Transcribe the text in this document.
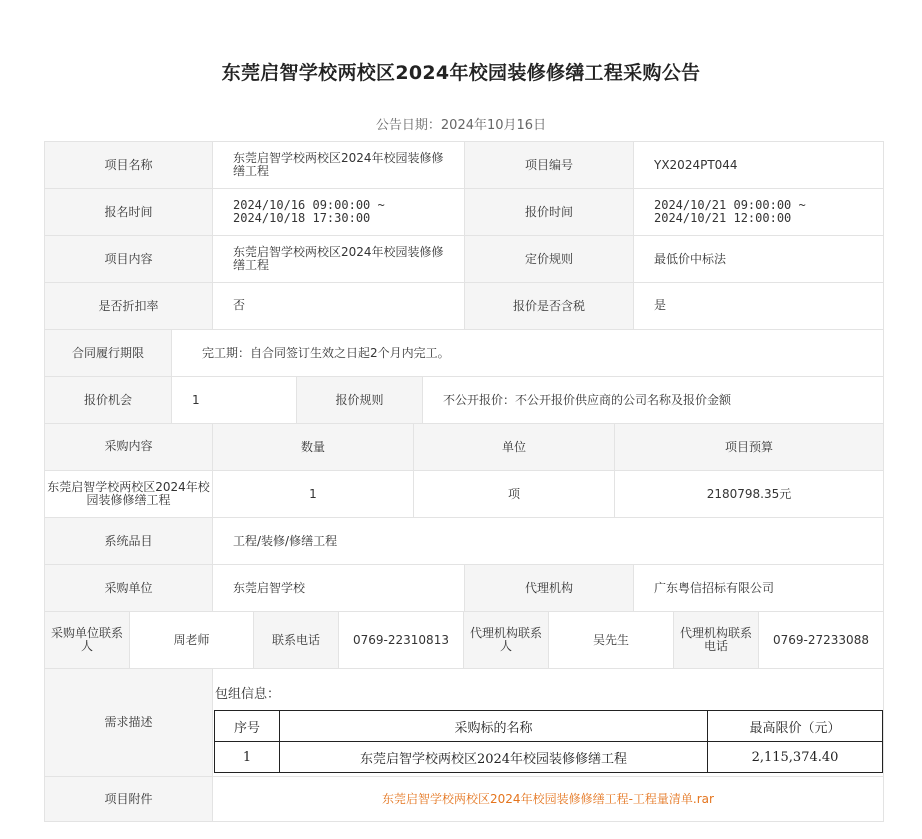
东莞启智学校两校区2024年校园装修修缮工程采购公告
公告日期：2024年10月16日
项目名称	东莞启智学校两校区2024年校园装修修缮工程	项目编号	YX2024PT044
报名时间	2024/10/16 09:00:00 ~
2024/10/18 17:30:00	报价时间	2024/10/21 09:00:00 ~
2024/10/21 12:00:00
项目内容	东莞启智学校两校区2024年校园装修修缮工程	定价规则	最低价中标法
是否折扣率	否	报价是否含税	是
合同履行期限	完工期：自合同签订生效之日起2个月内完工。
报价机会	1	报价规则	不公开报价：不公开报价供应商的公司名称及报价金额
采购内容	数量	单位	项目预算
东莞启智学校两校区2024年校园装修修缮工程	1	项	2180798.35元
系统品目	工程/装修/修缮工程
采购单位	东莞启智学校	代理机构	广东粤信招标有限公司
采购单位联系人	周老师	联系电话	0769-22310813	代理机构联系人	吴先生	代理机构联系电话	0769-27233088
需求描述
包组信息：
序号	采购标的名称	最高限价（元）
1	东莞启智学校两校区2024年校园装修修缮工程	2,115,374.40
项目附件	东莞启智学校两校区2024年校园装修修缮工程-工程量清单.rar
